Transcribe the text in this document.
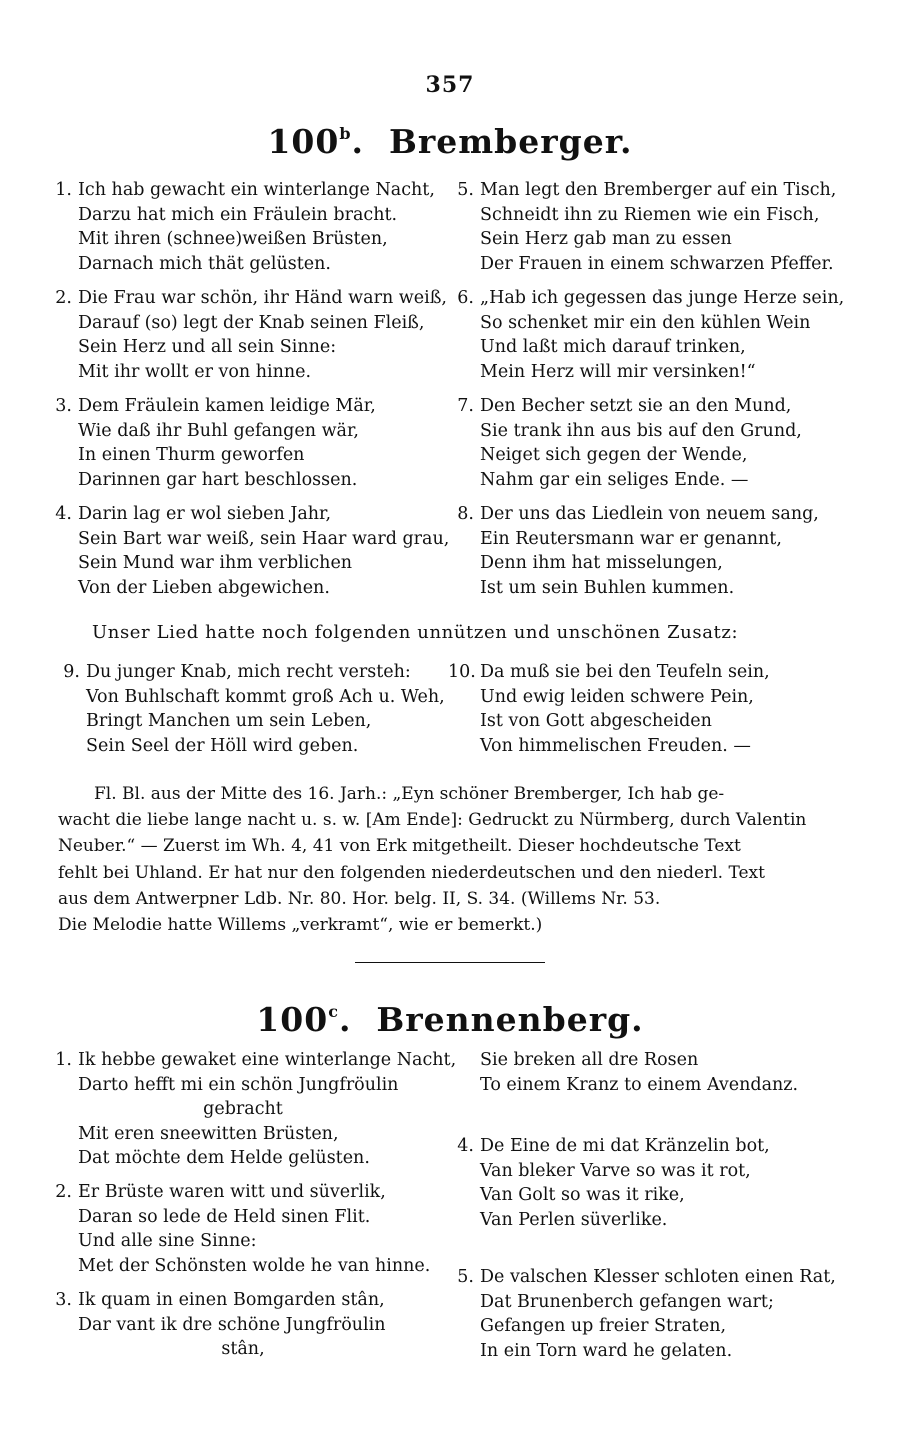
357
100$^b$.  Bremberger.
1. Ich hab gewacht ein winterlange Nacht,
Darzu hat mich ein Fräulein bracht.
Mit ihren (schnee)weißen Brüsten,
Darnach mich thät gelüsten.
2. Die Frau war schön, ihr Händ warn weiß,
Darauf (so) legt der Knab seinen Fleiß,
Sein Herz und all sein Sinne:
Mit ihr wollt er von hinne.
3. Dem Fräulein kamen leidige Mär,
Wie daß ihr Buhl gefangen wär,
In einen Thurm geworfen
Darinnen gar hart beschlossen.
4. Darin lag er wol sieben Jahr,
Sein Bart war weiß, sein Haar ward grau,
Sein Mund war ihm verblichen
Von der Lieben abgewichen.
5. Man legt den Bremberger auf ein Tisch,
Schneidt ihn zu Riemen wie ein Fisch,
Sein Herz gab man zu essen
Der Frauen in einem schwarzen Pfeffer.
6. „Hab ich gegessen das junge Herze sein,
So schenket mir ein den kühlen Wein
Und laßt mich darauf trinken,
Mein Herz will mir versinken!“
7. Den Becher setzt sie an den Mund,
Sie trank ihn aus bis auf den Grund,
Neiget sich gegen der Wende,
Nahm gar ein seliges Ende. —
8. Der uns das Liedlein von neuem sang,
Ein Reutersmann war er genannt,
Denn ihm hat misselungen,
Ist um sein Buhlen kummen.
Unser Lied hatte noch folgenden unnützen und unschönen Zusatz:
9. Du junger Knab, mich recht versteh:
Von Buhlschaft kommt groß Ach u. Weh,
Bringt Manchen um sein Leben,
Sein Seel der Höll wird geben.
10. Da muß sie bei den Teufeln sein,
Und ewig leiden schwere Pein,
Ist von Gott abgescheiden
Von himmelischen Freuden. —
Fl. Bl. aus der Mitte des 16. Jarh.: „Eyn schöner Bremberger, Ich hab ge-
wacht die liebe lange nacht u. s. w. [Am Ende]: Gedruckt zu Nürmberg, durch Valentin
Neuber.“ — Zuerst im Wh. 4, 41 von Erk mitgetheilt. Dieser hochdeutsche Text
fehlt bei Uhland. Er hat nur den folgenden niederdeutschen und den niederl. Text
aus dem Antwerpner Ldb. Nr. 80. Hor. belg. II, S. 34. (Willems Nr. 53.
Die Melodie hatte Willems „verkramt“, wie er bemerkt.)
100$^c$.  Brennenberg.
1. Ik hebbe gewaket eine winterlange Nacht,
Darto hefft mi ein schön Jungfröulin
gebracht
Mit eren sneewitten Brüsten,
Dat möchte dem Helde gelüsten.
2. Er Brüste waren witt und süverlik,
Daran so lede de Held sinen Flit.
Und alle sine Sinne:
Met der Schönsten wolde he van hinne.
3. Ik quam in einen Bomgarden stân,
Dar vant ik dre schöne Jungfröulin
stân,
Sie breken all dre Rosen
To einem Kranz to einem Avendanz.
4. De Eine de mi dat Kränzelin bot,
Van bleker Varve so was it rot,
Van Golt so was it rike,
Van Perlen süverlike.
5. De valschen Klesser schloten einen Rat,
Dat Brunenberch gefangen wart;
Gefangen up freier Straten,
In ein Torn ward he gelaten.
